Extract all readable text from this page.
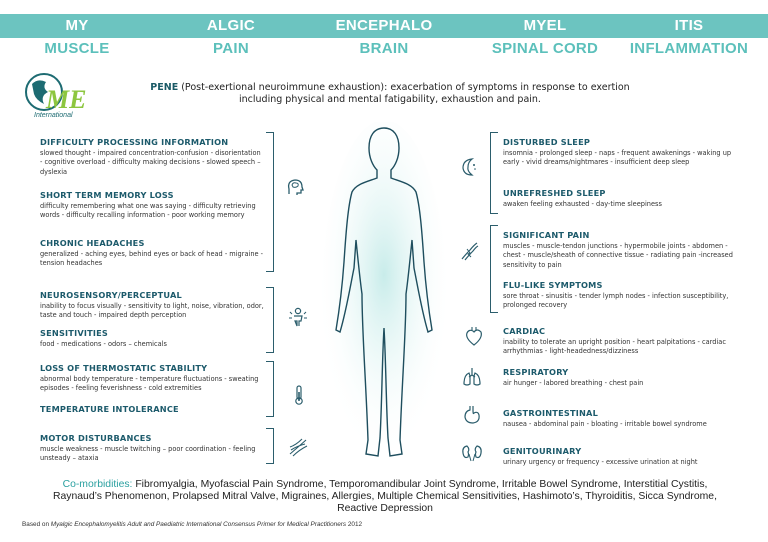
MY
MUSCLE
ALGIC
PAIN
ENCEPHALO
BRAIN
MYEL
SPINAL CORD
ITIS
INFLAMMATION
ME
International
PENE (Post-exertional neuroimmune exhaustion): exacerbation of symptoms in response to exertion including physical and mental fatigability, exhaustion and pain.
DIFFICULTY PROCESSING INFORMATION
slowed thought - impaired concentration-confusion - disorientation - cognitive overload - difficulty making decisions - slowed speech – dyslexia
SHORT TERM MEMORY LOSS
difficulty remembering what one was saying - difficulty retrieving words - difficulty recalling information - poor working memory
CHRONIC HEADACHES
generalized - aching eyes, behind eyes or back of head - migraine - tension headaches
NEUROSENSORY/PERCEPTUAL
inability to focus visually - sensitivity to light, noise, vibration, odor, taste and touch - impaired depth perception
SENSITIVITIES
food - medications - odors – chemicals
LOSS OF THERMOSTATIC STABILITY
abnormal body temperature - temperature fluctuations - sweating episodes - feeling feverishness - cold extremities
TEMPERATURE INTOLERANCE
MOTOR DISTURBANCES
muscle weakness - muscle twitching – poor coordination - feeling unsteady – ataxia
DISTURBED SLEEP
insomnia - prolonged sleep - naps - frequent awakenings - waking up early - vivid dreams/nightmares - insufficient deep sleep
UNREFRESHED SLEEP
awaken feeling exhausted - day-time sleepiness
SIGNIFICANT PAIN
muscles - muscle-tendon junctions - hypermobile joints - abdomen - chest - muscle/sheath of connective tissue - radiating pain -increased sensitivity to pain
FLU-LIKE SYMPTOMS
sore throat - sinusitis - tender lymph nodes - infection susceptibility, prolonged recovery
CARDIAC
inability to tolerate an upright position - heart palpitations - cardiac arrhythmias - light-headedness/dizziness
RESPIRATORY
air hunger - labored breathing - chest pain
GASTROINTESTINAL
nausea - abdominal pain - bloating - irritable bowel syndrome
GENITOURINARY
urinary urgency or frequency - excessive urination at night
Co-morbidities: Fibromyalgia, Myofascial Pain Syndrome, Temporomandibular Joint Syndrome, Irritable Bowel Syndrome, Interstitial Cystitis, Raynaud’s Phenomenon, Prolapsed Mitral Valve, Migraines, Allergies, Multiple Chemical Sensitivities, Hashimoto’s, Thyroiditis, Sicca Syndrome, Reactive Depression
Based on Myalgic Encephalomyelitis Adult and Paediatric International Consensus Primer for Medical Practitioners 2012
